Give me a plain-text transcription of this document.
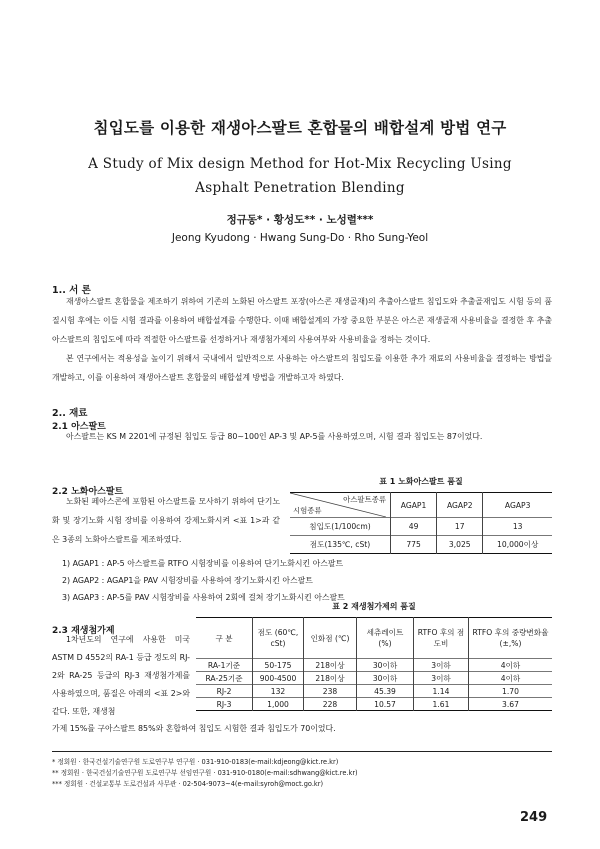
침입도를 이용한 재생아스팔트 혼합물의 배합설계 방법 연구
A Study of Mix design Method for Hot-Mix Recycling Using Asphalt Penetration Blending
정규동* · 황성도** · 노성렬***
Jeong Kyudong · Hwang Sung-Do · Rho Sung-Yeol
1.. 서 론
재생아스팔트 혼합물을 제조하기 위하여 기존의 노화된 아스팔트 포장(아스콘 재생골재)의 추출아스팔트 침입도와 추출골재입도 시험 등의 품질시험 후에는 이들 시험 결과를 이용하여 배합설계를 수행한다. 이때 배합설계의 가장 중요한 부분은 아스콘 재생골재 사용비율을 결정한 후 추출아스팔트의 침입도에 따라 적절한 아스팔트를 선정하거나 재생첨가제의 사용여부와 사용비율을 정하는 것이다.
본 연구에서는 적용성을 높이기 위해서 국내에서 일반적으로 사용하는 아스팔트의 침입도를 이용한 추가 재료의 사용비율을 결정하는 방법을 개발하고, 이를 이용하여 재생아스팔트 혼합물의 배합설계 방법을 개발하고자 하였다.
2.. 재료
2.1 아스팔트
아스팔트는 KS M 2201에 규정된 침입도 등급 80~100인 AP-3 및 AP-5를 사용하였으며, 시험 결과 침입도는 87이었다.
2.2 노화아스팔트
노화된 페아스콘에 포함된 아스팔트를 모사하기 위하여 단기노화 및 장기노화 시험 장비를 이용하여 강제노화시켜 <표 1>과 같은 3종의 노화아스팔트를 제조하였다.
표 1 노화아스팔트 품질
아스팔트종류
시험종류	AGAP1	AGAP2	AGAP3
침입도(1/100cm)	49	17	13
점도(135℃, cSt)	775	3,025	10,000이상
1) AGAP1 : AP-5 아스팔트를 RTFO 시험장비를 이용하여 단기노화시킨 아스팔트
2) AGAP2 : AGAP1을 PAV 시험장비를 사용하여 장기노화시킨 아스팔트
3) AGAP3 : AP-5를 PAV 시험장비를 사용하여 2회에 걸쳐 장기노화시킨 아스팔트
2.3 재생첨가제
1차년도의 연구에 사용한 미국 ASTM D 4552의 RA-1 등급 정도의 RJ-2와 RA-25 등급의 RJ-3 재생첨가제를 사용하였으며, 품질은 아래의 <표 2>와 같다. 또한, 재생첨
가제 15%를 구아스팔트 85%와 혼합하여 침입도 시험한 결과 침입도가 70이었다.
표 2 재생첨가제의 품질
구 분	점도 (60℃, cSt)	인화점 (℃)	세츄레이트 (%)	RTFO 후의 점도비	RTFO 후의 중량변화율(±,%)
RA-1기준	50-175	218이상	30이하	3이하	4이하
RA-25기준	900-4500	218이상	30이하	3이하	4이하
RJ-2	132	238	45.39	1.14	1.70
RJ-3	1,000	228	10.57	1.61	3.67
* 정회원 · 한국건설기술연구원 도로연구부 연구원 · 031-910-0183(e-mail:kdjeong@kict.re.kr)
** 정회원 · 한국건설기술연구원 도로연구부 선임연구원 · 031-910-0180(e-mail:sdhwang@kict.re.kr)
*** 정회원 · 건설교통부 도로건설과 사무관 · 02-504-9073~4(e-mail:syroh@moct.go.kr)
249
